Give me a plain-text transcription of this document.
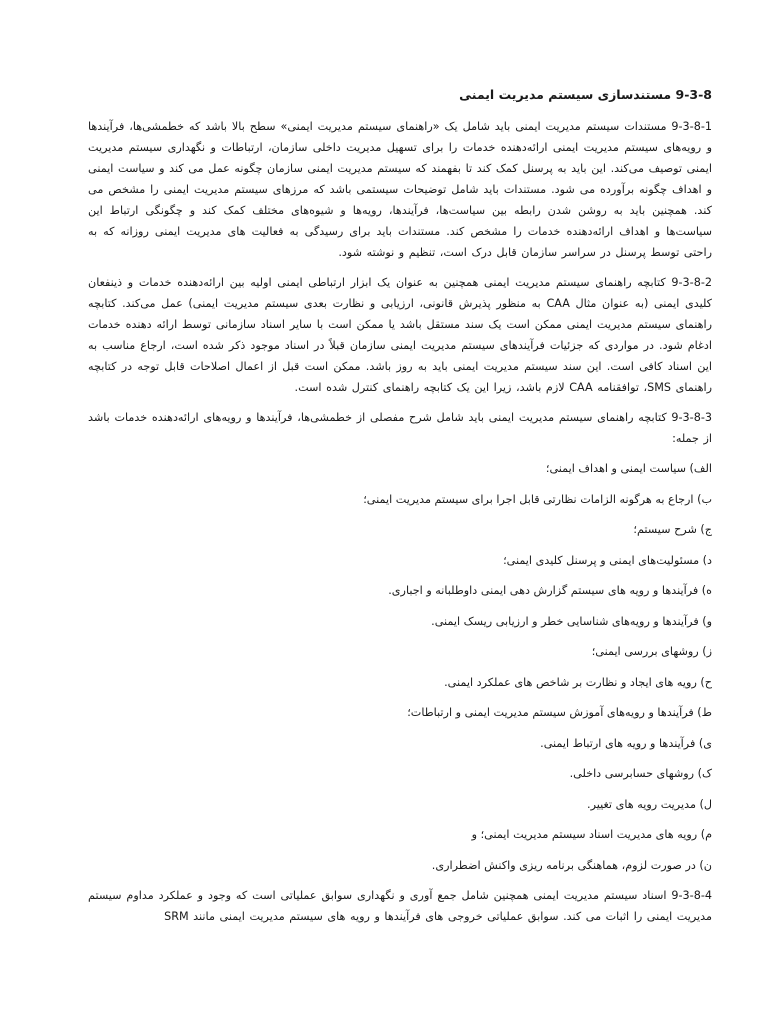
9-3-8 مستندسازی سیستم مدیریت ایمنی

9-3-8-1 مستندات سیستم مدیریت ایمنی باید شامل یک «راهنمای سیستم مدیریت ایمنی» سطح بالا باشد که خطمشی‌ها، فرآیندها و رویه‌های سیستم مدیریت ایمنی ارائه‌دهنده خدمات را برای تسهیل مدیریت داخلی سازمان، ارتباطات و نگهداری سیستم مدیریت ایمنی توصیف می‌کند. این باید به پرسنل کمک کند تا بفهمند که سیستم مدیریت ایمنی سازمان چگونه عمل می کند و سیاست ایمنی و اهداف چگونه برآورده می شود. مستندات باید شامل توضیحات سیستمی باشد که مرزهای سیستم مدیریت ایمنی را مشخص می کند. همچنین باید به روشن شدن رابطه بین سیاست‌ها، فرآیندها، رویه‌ها و شیوه‌های مختلف کمک کند و چگونگی ارتباط این سیاست‌ها و اهداف ارائه‌دهنده خدمات را مشخص کند. مستندات باید برای رسیدگی به فعالیت های مدیریت ایمنی روزانه که به راحتی توسط پرسنل در سراسر سازمان قابل درک است، تنظیم و نوشته شود.

9-3-8-2 کتابچه راهنمای سیستم مدیریت ایمنی همچنین به عنوان یک ابزار ارتباطی ایمنی اولیه بین ارائه‌دهنده خدمات و ذینفعان کلیدی ایمنی (به عنوان مثال CAA به منظور پذیرش قانونی، ارزیابی و نظارت بعدی سیستم مدیریت ایمنی) عمل می‌کند. کتابچه راهنمای سیستم مدیریت ایمنی ممکن است یک سند مستقل باشد یا ممکن است با سایر اسناد سازمانی توسط ارائه دهنده خدمات ادغام شود. در مواردی که جزئیات فرآیندهای سیستم مدیریت ایمنی سازمان قبلاً در اسناد موجود ذکر شده است، ارجاع مناسب به این اسناد کافی است. این سند سیستم مدیریت ایمنی باید به روز باشد. ممکن است قبل از اعمال اصلاحات قابل توجه در کتابچه راهنمای SMS، توافقنامه CAA لازم باشد، زیرا این یک کتابچه راهنمای کنترل شده است.

9-3-8-3 کتابچه راهنمای سیستم مدیریت ایمنی باید شامل شرح مفصلی از خطمشی‌ها، فرآیندها و رویه‌های ارائه‌دهنده خدمات باشد از جمله:

الف) سیاست ایمنی و اهداف ایمنی؛
ب) ارجاع به هرگونه الزامات نظارتی قابل اجرا برای سیستم مدیریت ایمنی؛
ج) شرح سیستم؛
د) مسئولیت‌های ایمنی و پرسنل کلیدی ایمنی؛
ه) فرآیندها و رویه های سیستم گزارش دهی ایمنی داوطلبانه و اجباری.
و) فرآیندها و رویه‌های شناسایی خطر و ارزیابی ریسک ایمنی.
ز) روشهای بررسی ایمنی؛
ح) رویه های ایجاد و نظارت بر شاخص های عملکرد ایمنی.
ط) فرآیندها و رویه‌های آموزش سیستم مدیریت ایمنی و ارتباطات؛
ی) فرآیندها و رویه های ارتباط ایمنی.
ک) روشهای حسابرسی داخلی.
ل) مدیریت رویه های تغییر.
م) رویه های مدیریت اسناد سیستم مدیریت ایمنی؛ و
ن) در صورت لزوم، هماهنگی برنامه ریزی واکنش اضطراری.

9-3-8-4 اسناد سیستم مدیریت ایمنی همچنین شامل جمع آوری و نگهداری سوابق عملیاتی است که وجود و عملکرد مداوم سیستم مدیریت ایمنی را اثبات می کند. سوابق عملیاتی خروجی های فرآیندها و رویه های سیستم مدیریت ایمنی مانند SRM
